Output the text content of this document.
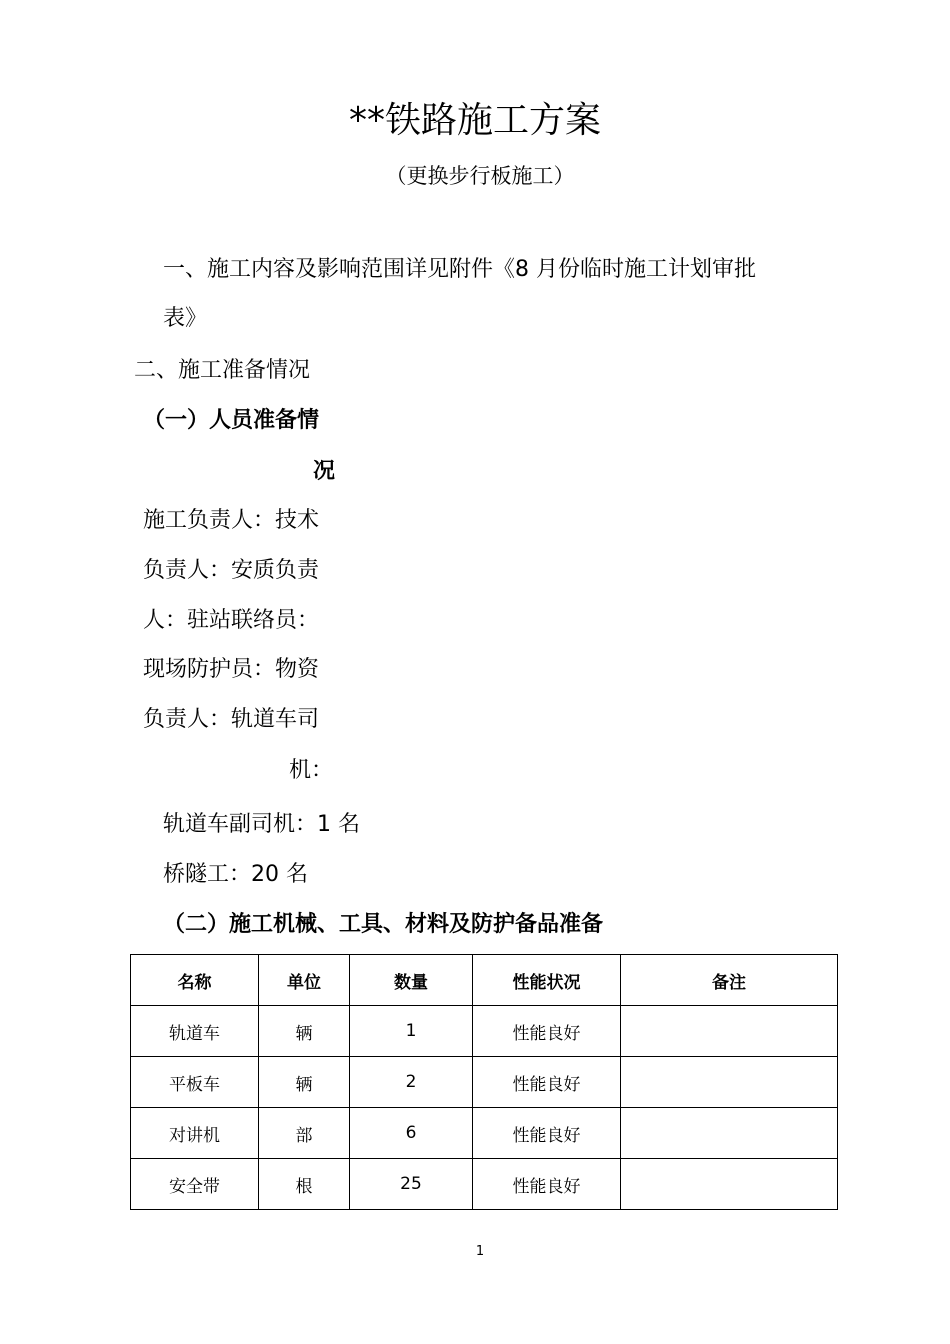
**铁路施工方案
（更换步行板施工）
一、施工内容及影响范围详见附件《8 月份临时施工计划审批
表》
二、施工准备情况
（一）人员准备情
况
施工负责人：技术
负责人：安质负责
人：驻站联络员：
现场防护员：物资
负责人：轨道车司
机：
轨道车副司机：1 名
桥隧工：20 名
（二）施工机械、工具、材料及防护备品准备
名称	单位	数量	性能状况	备注
轨道车	辆	1	性能良好	
平板车	辆	2	性能良好	
对讲机	部	6	性能良好	
安全带	根	25	性能良好	
1
